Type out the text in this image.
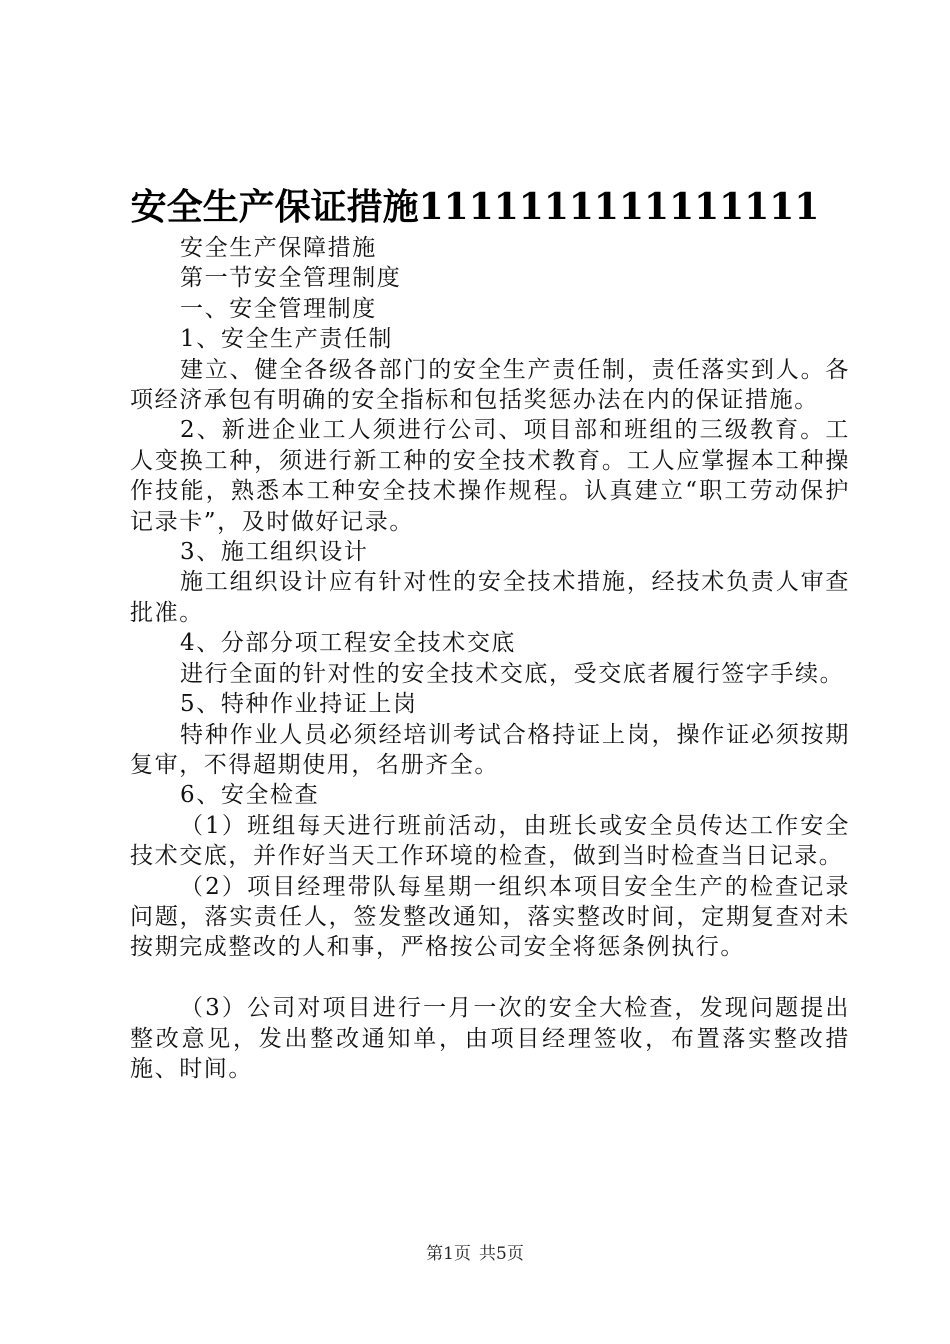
安全生产保证措施1111111111111111

安全生产保障措施

第一节安全管理制度

一、安全管理制度

1、安全生产责任制

建立、健全各级各部门的安全生产责任制，责任落实到人。各项经济承包有明确的安全指标和包括奖惩办法在内的保证措施。

2、新进企业工人须进行公司、项目部和班组的三级教育。工人变换工种，须进行新工种的安全技术教育。工人应掌握本工种操作技能，熟悉本工种安全技术操作规程。认真建立“职工劳动保护记录卡”，及时做好记录。

3、施工组织设计

施工组织设计应有针对性的安全技术措施，经技术负责人审查批准。

4、分部分项工程安全技术交底

进行全面的针对性的安全技术交底，受交底者履行签字手续。

5、特种作业持证上岗

特种作业人员必须经培训考试合格持证上岗，操作证必须按期复审，不得超期使用，名册齐全。

6、安全检查

（1）班组每天进行班前活动，由班长或安全员传达工作安全技术交底，并作好当天工作环境的检查，做到当时检查当日记录。

（2）项目经理带队每星期一组织本项目安全生产的检查记录问题，落实责任人，签发整改通知，落实整改时间，定期复查对未按期完成整改的人和事，严格按公司安全将惩条例执行。

（3）公司对项目进行一月一次的安全大检查，发现问题提出整改意见，发出整改通知单，由项目经理签收，布置落实整改措施、时间。

第1页 共5页
